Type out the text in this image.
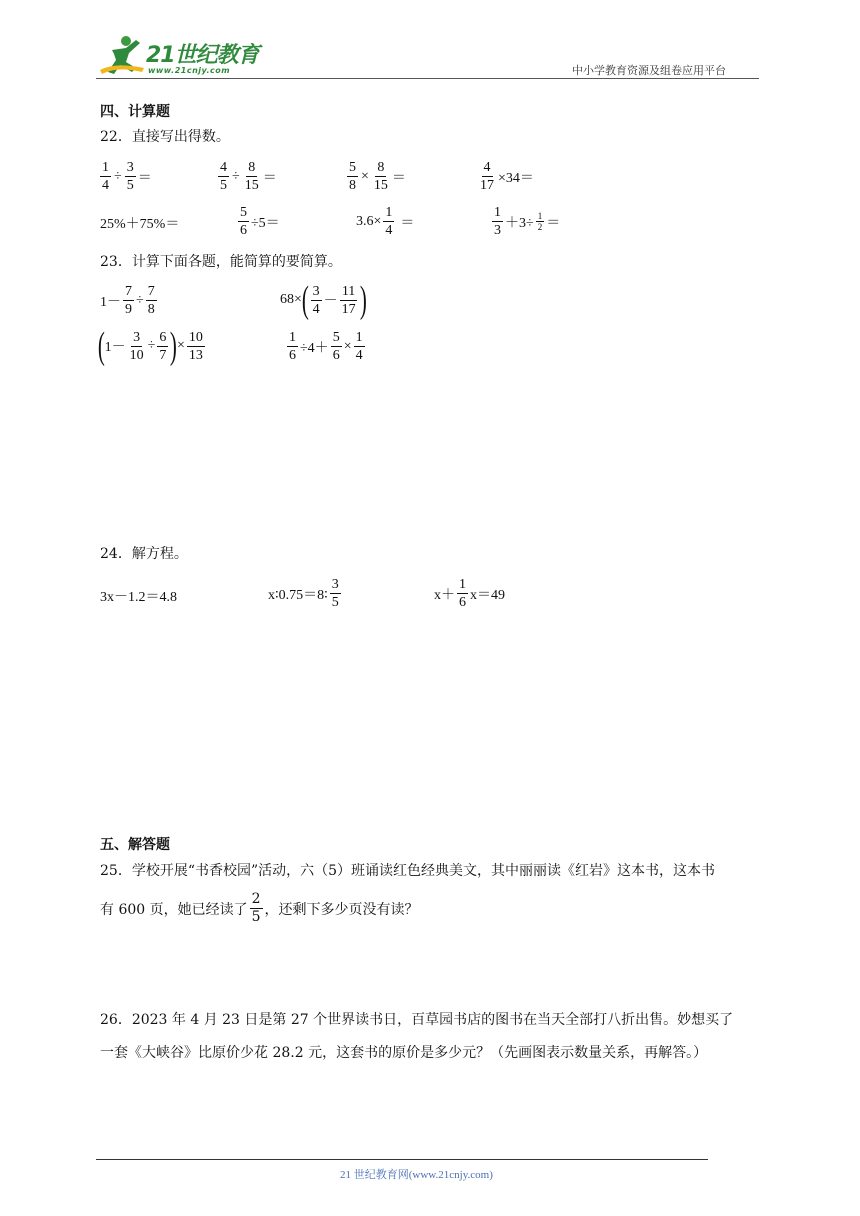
21世纪教育
www.21cnjy.com	中小学教育资源及组卷应用平台
四、计算题
22．直接写出得数。
$\frac{1}{4} \div \frac{3}{5}$ ＝	$\frac{4}{5} \div \frac{8}{15}$ ＝	$\frac{5}{8} \times \frac{8}{15}$ ＝	$\frac{4}{17} \times 34=$
25%＋75%＝	$\frac{5}{6} \div 5=$	$3.6\times \frac{1}{4}$ ＝	$\frac{1}{3} +3\div \frac{1}{2}$ ＝
23．计算下面各题，能简算的要简算。
$1- \frac{7}{9} \div \frac{7}{8}$	68× ( $\frac{3}{4} - \frac{11}{17}$ )
( $1- \frac{3}{10} \div \frac{6}{7}$ ) × $\frac{10}{13}$	$\frac{1}{6} \div 4+ \frac{5}{6} \times \frac{1}{4}$
24．解方程。
3x－1.2＝4.8	x∶0.75＝8∶ $\frac{3}{5}$	$x+ \frac{1}{6} x=49$
五、解答题
25．学校开展“书香校园”活动，六（5）班诵读红色经典美文，其中丽丽读《红岩》这本书，这本书
有 600 页，她已经读了 $\frac{2}{5}$ ，还剩下多少页没有读？
26．2023 年 4 月 23 日是第 27 个世界读书日，百草园书店的图书在当天全部打八折出售。妙想买了
一套《大峡谷》比原价少花 28.2 元，这套书的原价是多少元？（先画图表示数量关系，再解答。）
21 世纪教育网(www.21cnjy.com)
